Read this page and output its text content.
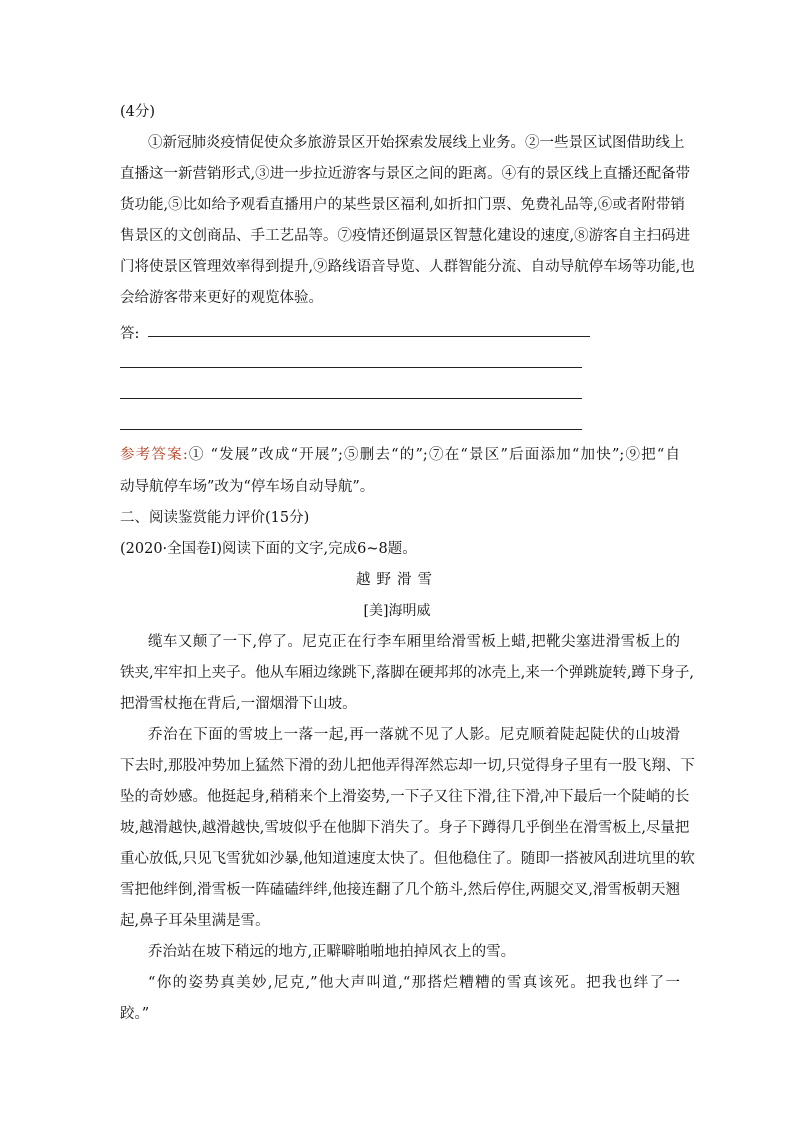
(4分)
①新冠肺炎疫情促使众多旅游景区开始探索发展线上业务。②一些景区试图借助线上
直播这一新营销形式,③进一步拉近游客与景区之间的距离。④有的景区线上直播还配备带
货功能,⑤比如给予观看直播用户的某些景区福利,如折扣门票、免费礼品等,⑥或者附带销
售景区的文创商品、手工艺品等。⑦疫情还倒逼景区智慧化建设的速度,⑧游客自主扫码进
门将使景区管理效率得到提升,⑨路线语音导览、人群智能分流、自动导航停车场等功能,也
会给游客带来更好的观览体验。
答:
参考答案:① “发展”改成“开展”;⑤删去“的”;⑦在“景区”后面添加“加快”;⑨把“自
动导航停车场”改为“停车场自动导航”。
二、阅读鉴赏能力评价(15分)
(2020·全国卷Ⅰ)阅读下面的文字,完成6~8题。
越野滑雪
[美]海明威
缆车又颠了一下,停了。尼克正在行李车厢里给滑雪板上蜡,把靴尖塞进滑雪板上的
铁夹,牢牢扣上夹子。他从车厢边缘跳下,落脚在硬邦邦的冰壳上,来一个弹跳旋转,蹲下身子,
把滑雪杖拖在背后,一溜烟滑下山坡。
乔治在下面的雪坡上一落一起,再一落就不见了人影。尼克顺着陡起陡伏的山坡滑
下去时,那股冲势加上猛然下滑的劲儿把他弄得浑然忘却一切,只觉得身子里有一股飞翔、下
坠的奇妙感。他挺起身,稍稍来个上滑姿势,一下子又往下滑,往下滑,冲下最后一个陡峭的长
坡,越滑越快,越滑越快,雪坡似乎在他脚下消失了。身子下蹲得几乎倒坐在滑雪板上,尽量把
重心放低,只见飞雪犹如沙暴,他知道速度太快了。但他稳住了。随即一搭被风刮进坑里的软
雪把他绊倒,滑雪板一阵磕磕绊绊,他接连翻了几个筋斗,然后停住,两腿交叉,滑雪板朝天翘
起,鼻子耳朵里满是雪。
乔治站在坡下稍远的地方,正噼噼啪啪地拍掉风衣上的雪。
“你的姿势真美妙,尼克,”他大声叫道,“那搭烂糟糟的雪真该死。把我也绊了一
跤。”
